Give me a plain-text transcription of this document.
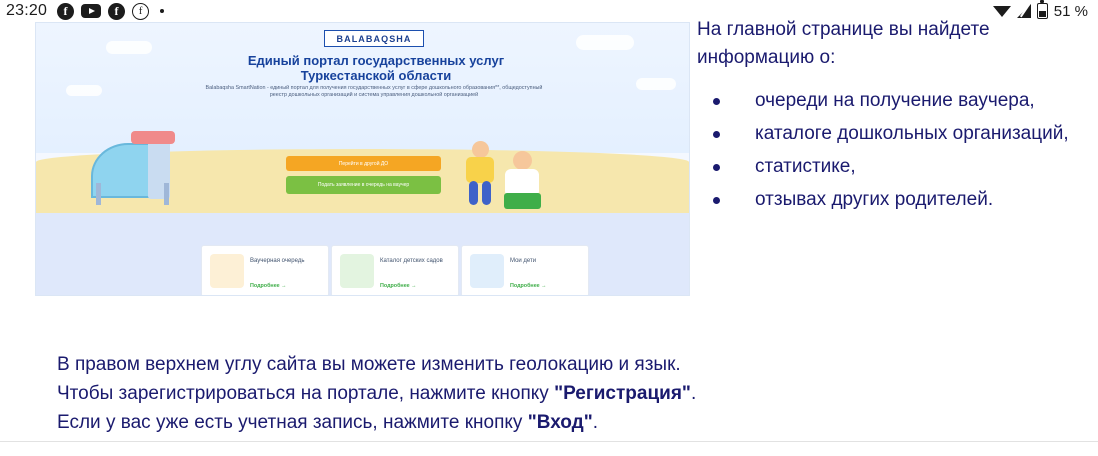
23:20	f	f	f	51 %
BALABAQSHA
Единый портал государственных услуг
Туркестанской области
Balabaqsha SmartNation - единый портал для получения государственных услуг в сфере дошкольного образования**, общедоступный реестр дошкольных организаций и система управления дошкольной организацией
Перейти в другой ДО
Подать заявление в очередь на ваучер
Ваучерная очередь
Подробнее →
Каталог детских садов
Подробнее →
Мои дети
Подробнее →
На главной странице вы найдете информацию о:
очереди на получение ваучера,
каталоге дошкольных организаций,
статистике,
отзывах других родителей.
В правом верхнем углу сайта вы можете изменить геолокацию и язык.
Чтобы зарегистрироваться на портале, нажмите кнопку "Регистрация".
Если у вас уже есть учетная запись, нажмите кнопку "Вход".
